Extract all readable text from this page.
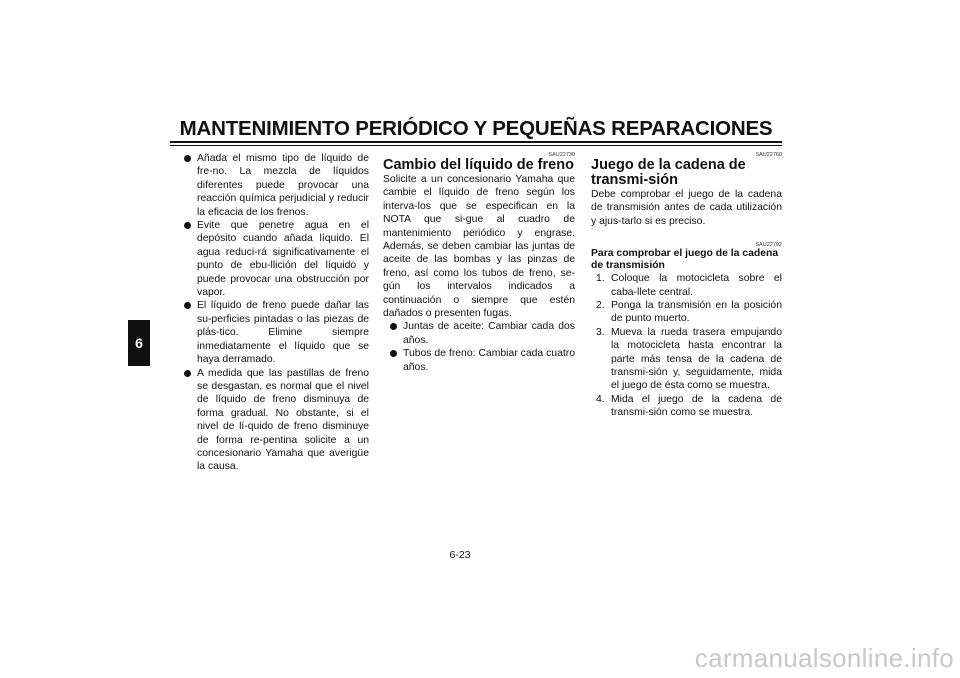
MANTENIMIENTO PERIÓDICO Y PEQUEÑAS REPARACIONES
6
Añada el mismo tipo de líquido de fre-no. La mezcla de líquidos diferentes puede provocar una reacción química perjudicial y reducir la eficacia de los frenos.
Evite que penetre agua en el depósito cuando añada líquido. El agua reduci-rá significativamente el punto de ebu-llición del líquido y puede provocar una obstrucción por vapor.
El líquido de freno puede dañar las su-perficies pintadas o las piezas de plás-tico. Elimine siempre inmediatamente el líquido que se haya derramado.
A medida que las pastillas de freno se desgastan, es normal que el nivel de líquido de freno disminuya de forma gradual. No obstante, si el nivel de lí-quido de freno disminuye de forma re-pentina solicite a un concesionario Yamaha que averigüe la causa.
SAU22730
Cambio del líquido de freno

Solicite a un concesionario Yamaha que cambie el líquido de freno según los interva-los que se especifican en la NOTA que si-gue al cuadro de mantenimiento periódico y engrase. Además, se deben cambiar las juntas de aceite de las bombas y las pinzas de freno, así como los tubos de freno, se-gún los intervalos indicados a continuación o siempre que estén dañados o presenten fugas.

Juntas de aceite: Cambiar cada dos años.
Tubos de freno: Cambiar cada cuatro años.
SAU22760
Juego de la cadena de transmi-sión

Debe comprobar el juego de la cadena de transmisión antes de cada utilización y ajus-tarlo si es preciso.

SAU22792
Para comprobar el juego de la cadena de transmisión
1. Coloque la motocicleta sobre el caba-llete central.
2. Ponga la transmisión en la posición de punto muerto.
3. Mueva la rueda trasera empujando la motocicleta hasta encontrar la parte más tensa de la cadena de transmi-sión y, seguidamente, mida el juego de ésta como se muestra.
4. Mida el juego de la cadena de transmi-sión como se muestra.
6-23
carmanualsonline.info
